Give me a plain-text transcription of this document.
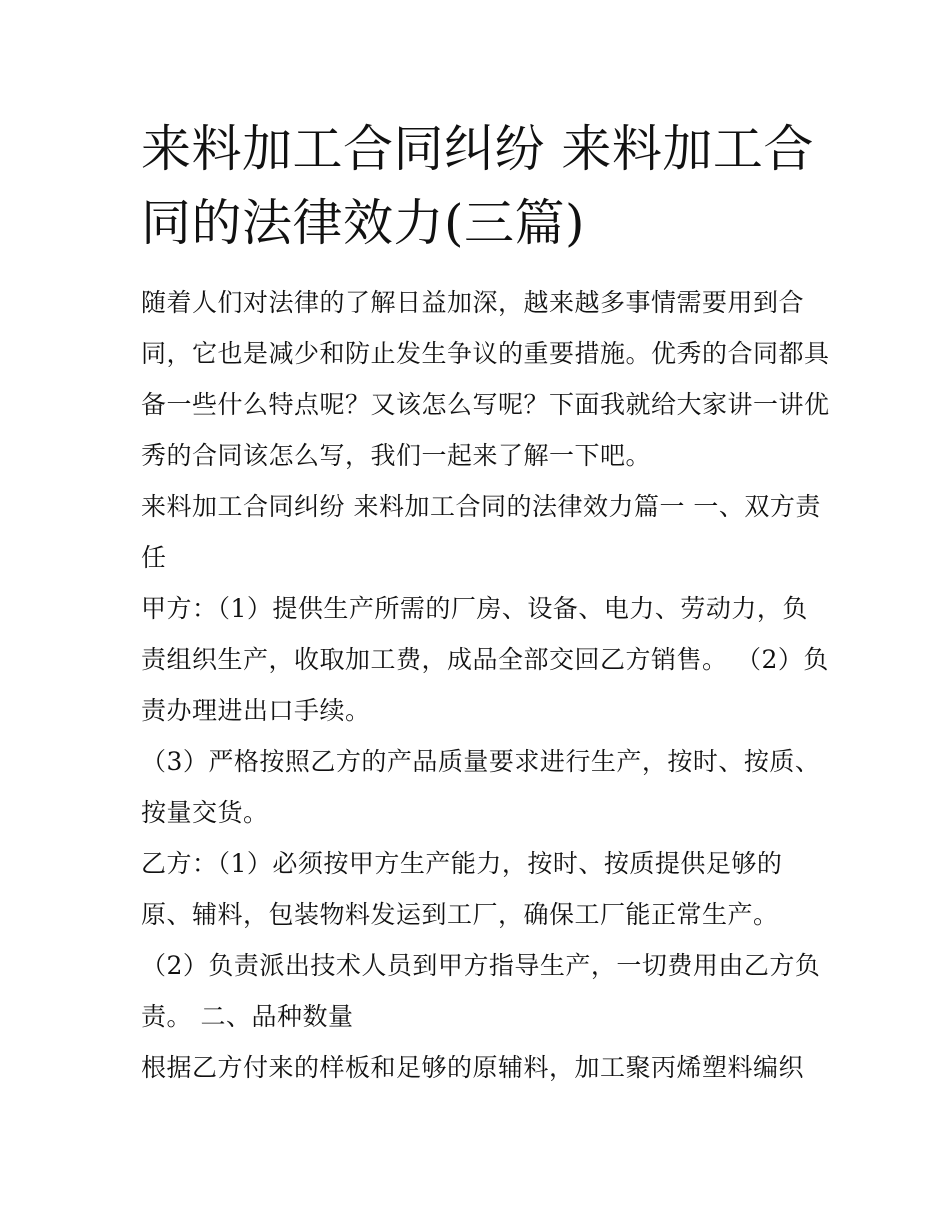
来料加工合同纠纷 来料加工合
同的法律效力(三篇)
随着人们对法律的了解日益加深，越来越多事情需要用到合
同，它也是减少和防止发生争议的重要措施。优秀的合同都具
备一些什么特点呢？又该怎么写呢？下面我就给大家讲一讲优
秀的合同该怎么写，我们一起来了解一下吧。
来料加工合同纠纷 来料加工合同的法律效力篇一 一、双方责
任
甲方：（1）提供生产所需的厂房、设备、电力、劳动力，负
责组织生产，收取加工费，成品全部交回乙方销售。 （2）负
责办理进出口手续。
（3）严格按照乙方的产品质量要求进行生产，按时、按质、
按量交货。
乙方：（1）必须按甲方生产能力，按时、按质提供足够的
原、辅料，包装物料发运到工厂，确保工厂能正常生产。
（2）负责派出技术人员到甲方指导生产，一切费用由乙方负
责。 二、品种数量
根据乙方付来的样板和足够的原辅料，加工聚丙烯塑料编织
